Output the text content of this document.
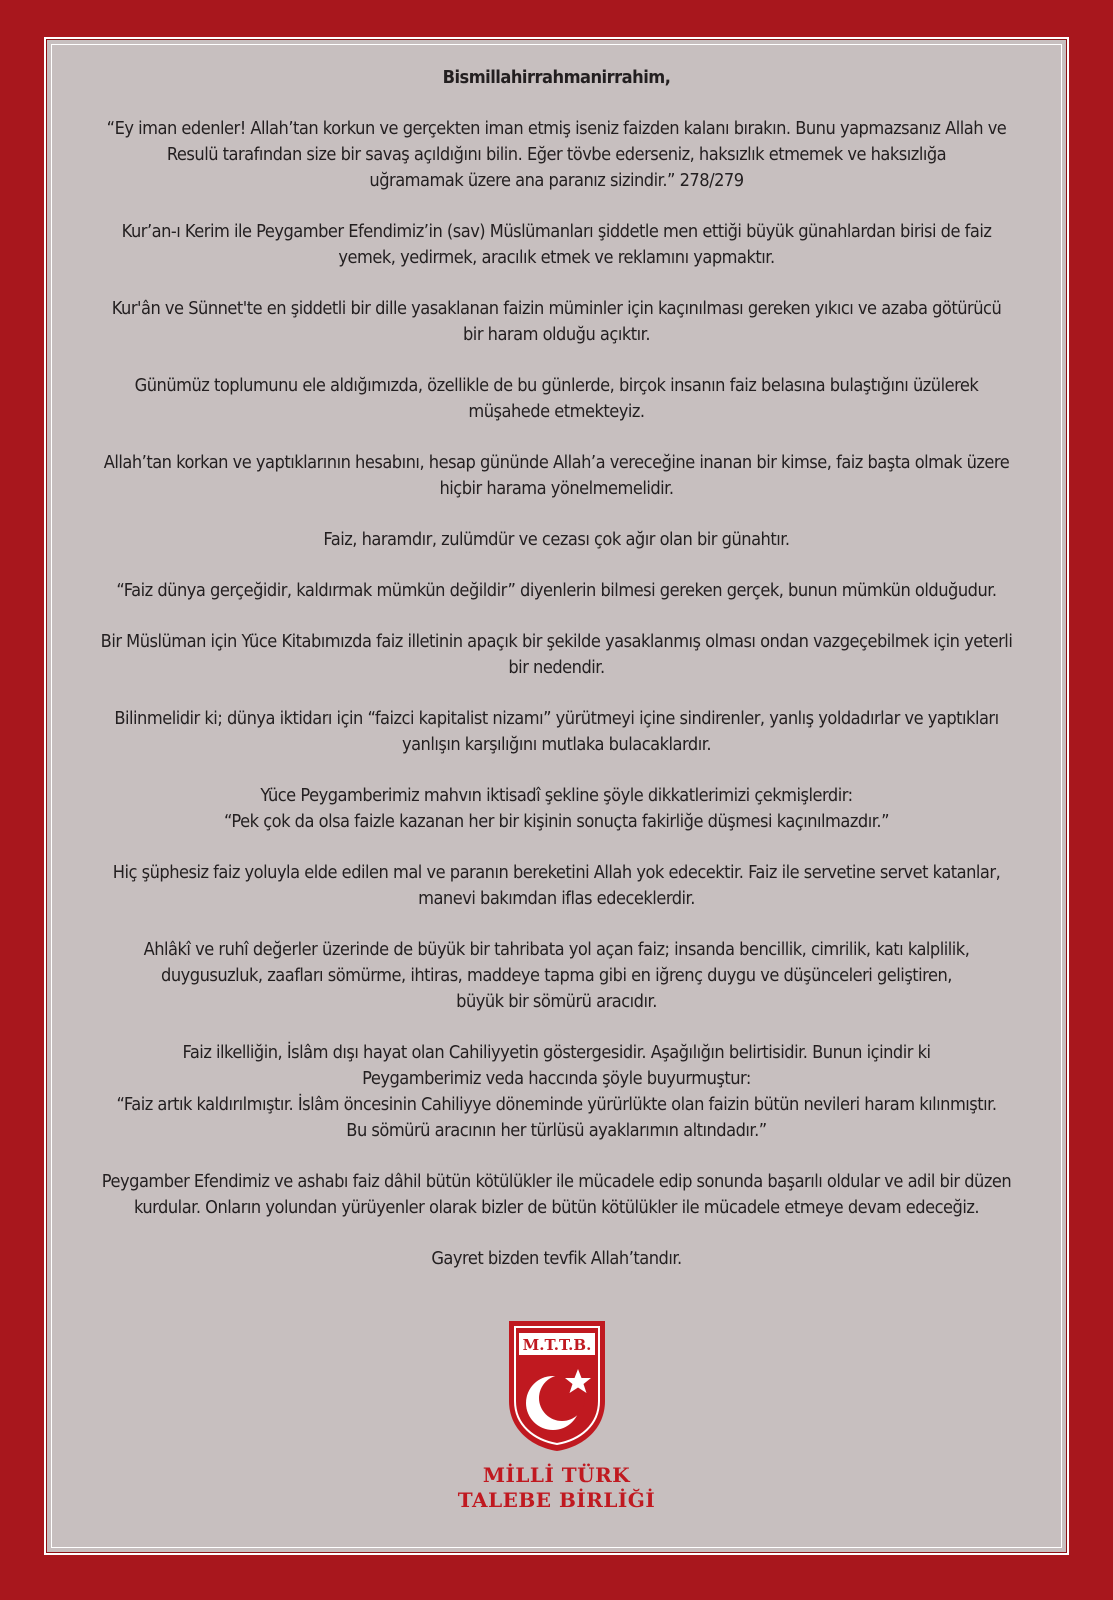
Bismillahirrahmanirrahim,
“Ey iman edenler! Allah’tan korkun ve gerçekten iman etmiş iseniz faizden kalanı bırakın. Bunu yapmazsanız Allah ve
Resulü tarafından size bir savaş açıldığını bilin. Eğer tövbe ederseniz, haksızlık etmemek ve haksızlığa
uğramamak üzere ana paranız sizindir.” 278/279
Kur’an-ı Kerim ile Peygamber Efendimiz’in (sav) Müslümanları şiddetle men ettiği büyük günahlardan birisi de faiz
yemek, yedirmek, aracılık etmek ve reklamını yapmaktır.
Kur'ân ve Sünnet'te en şiddetli bir dille yasaklanan faizin müminler için kaçınılması gereken yıkıcı ve azaba götürücü
bir haram olduğu açıktır.
Günümüz toplumunu ele aldığımızda, özellikle de bu günlerde, birçok insanın faiz belasına bulaştığını üzülerek
müşahede etmekteyiz.
Allah’tan korkan ve yaptıklarının hesabını, hesap gününde Allah’a vereceğine inanan bir kimse, faiz başta olmak üzere
hiçbir harama yönelmemelidir.
Faiz, haramdır, zulümdür ve cezası çok ağır olan bir günahtır.
“Faiz dünya gerçeğidir, kaldırmak mümkün değildir” diyenlerin bilmesi gereken gerçek, bunun mümkün olduğudur.
Bir Müslüman için Yüce Kitabımızda faiz illetinin apaçık bir şekilde yasaklanmış olması ondan vazgeçebilmek için yeterli
bir nedendir.
Bilinmelidir ki; dünya iktidarı için “faizci kapitalist nizamı” yürütmeyi içine sindirenler, yanlış yoldadırlar ve yaptıkları
yanlışın karşılığını mutlaka bulacaklardır.
Yüce Peygamberimiz mahvın iktisadî şekline şöyle dikkatlerimizi çekmişlerdir:
“Pek çok da olsa faizle kazanan her bir kişinin sonuçta fakirliğe düşmesi kaçınılmazdır.”
Hiç şüphesiz faiz yoluyla elde edilen mal ve paranın bereketini Allah yok edecektir. Faiz ile servetine servet katanlar,
manevi bakımdan iflas edeceklerdir.
Ahlâkî ve ruhî değerler üzerinde de büyük bir tahribata yol açan faiz; insanda bencillik, cimrilik, katı kalplilik,
duygusuzluk, zaafları sömürme, ihtiras, maddeye tapma gibi en iğrenç duygu ve düşünceleri geliştiren,
büyük bir sömürü aracıdır.
Faiz ilkelliğin, İslâm dışı hayat olan Cahiliyyetin göstergesidir. Aşağılığın belirtisidir. Bunun içindir ki
Peygamberimiz veda haccında şöyle buyurmuştur:
“Faiz artık kaldırılmıştır. İslâm öncesinin Cahiliyye döneminde yürürlükte olan faizin bütün nevileri haram kılınmıştır.
Bu sömürü aracının her türlüsü ayaklarımın altındadır.”
Peygamber Efendimiz ve ashabı faiz dâhil bütün kötülükler ile mücadele edip sonunda başarılı oldular ve adil bir düzen
kurdular. Onların yolundan yürüyenler olarak bizler de bütün kötülükler ile mücadele etmeye devam edeceğiz.
Gayret bizden tevfik Allah’tandır.
M.T.T.B.
MİLLİ TÜRK
TALEBE BİRLİĞİ
